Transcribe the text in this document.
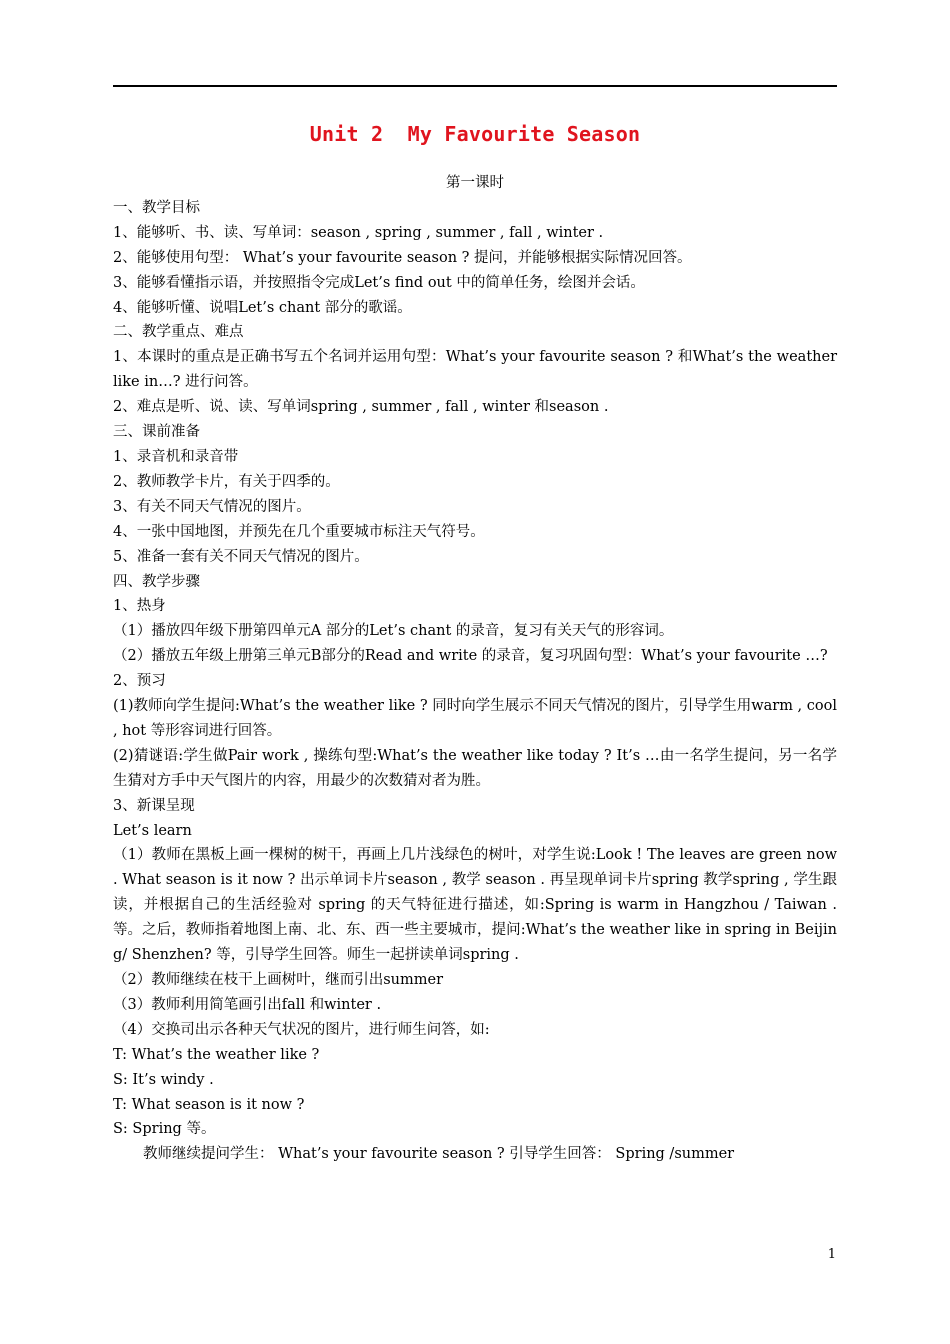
Unit 2  My Favourite Season

第一课时

一、教学目标

1、能够听、书、读、写单词：season , spring , summer , fall , winter .

2、能够使用句型： What’s your favourite season ? 提问，并能够根据实际情况回答。

3、能够看懂指示语，并按照指令完成Let’s find out 中的简单任务，绘图并会话。

4、能够听懂、说唱Let’s chant 部分的歌谣。

二、教学重点、难点

1、本课时的重点是正确书写五个名词并运用句型：What’s your favourite season ? 和What’s the weather like in…? 进行问答。

2、难点是听、说、读、写单词spring , summer , fall , winter 和season .

三、课前准备

1、录音机和录音带

2、教师教学卡片，有关于四季的。

3、有关不同天气情况的图片。

4、一张中国地图，并预先在几个重要城市标注天气符号。

5、准备一套有关不同天气情况的图片。

四、教学步骤

1、热身

（1）播放四年级下册第四单元A 部分的Let’s chant 的录音，复习有关天气的形容词。

（2）播放五年级上册第三单元B部分的Read and write 的录音，复习巩固句型：What’s your favourite …?

2、预习

(1)教师向学生提问:What’s the weather like ? 同时向学生展示不同天气情况的图片，引导学生用warm , cool , hot 等形容词进行回答。

(2)猜谜语:学生做Pair work , 操练句型:What’s the weather like today ? It’s …由一名学生提问，另一名学生猜对方手中天气图片的内容，用最少的次数猜对者为胜。

3、新课呈现

Let’s learn

（1）教师在黑板上画一棵树的树干，再画上几片浅绿色的树叶，对学生说:Look ! The leaves are green now . What season is it now ? 出示单词卡片season , 教学 season . 再呈现单词卡片spring 教学spring , 学生跟读，并根据自己的生活经验对 spring 的天气特征进行描述，如:Spring is warm in Hangzhou / Taiwan .等。之后，教师指着地图上南、北、东、西一些主要城市，提问:What’s the weather like in spring in Beijing/ Shenzhen? 等，引导学生回答。师生一起拼读单词spring .

（2）教师继续在枝干上画树叶，继而引出summer

（3）教师利用简笔画引出fall 和winter .

（4）交换司出示各种天气状况的图片，进行师生问答，如:

T: What’s the weather like ?

S: It’s windy .

T: What season is it now ?

S: Spring 等。

教师继续提问学生： What’s your favourite season ? 引导学生回答： Spring /summer

1
